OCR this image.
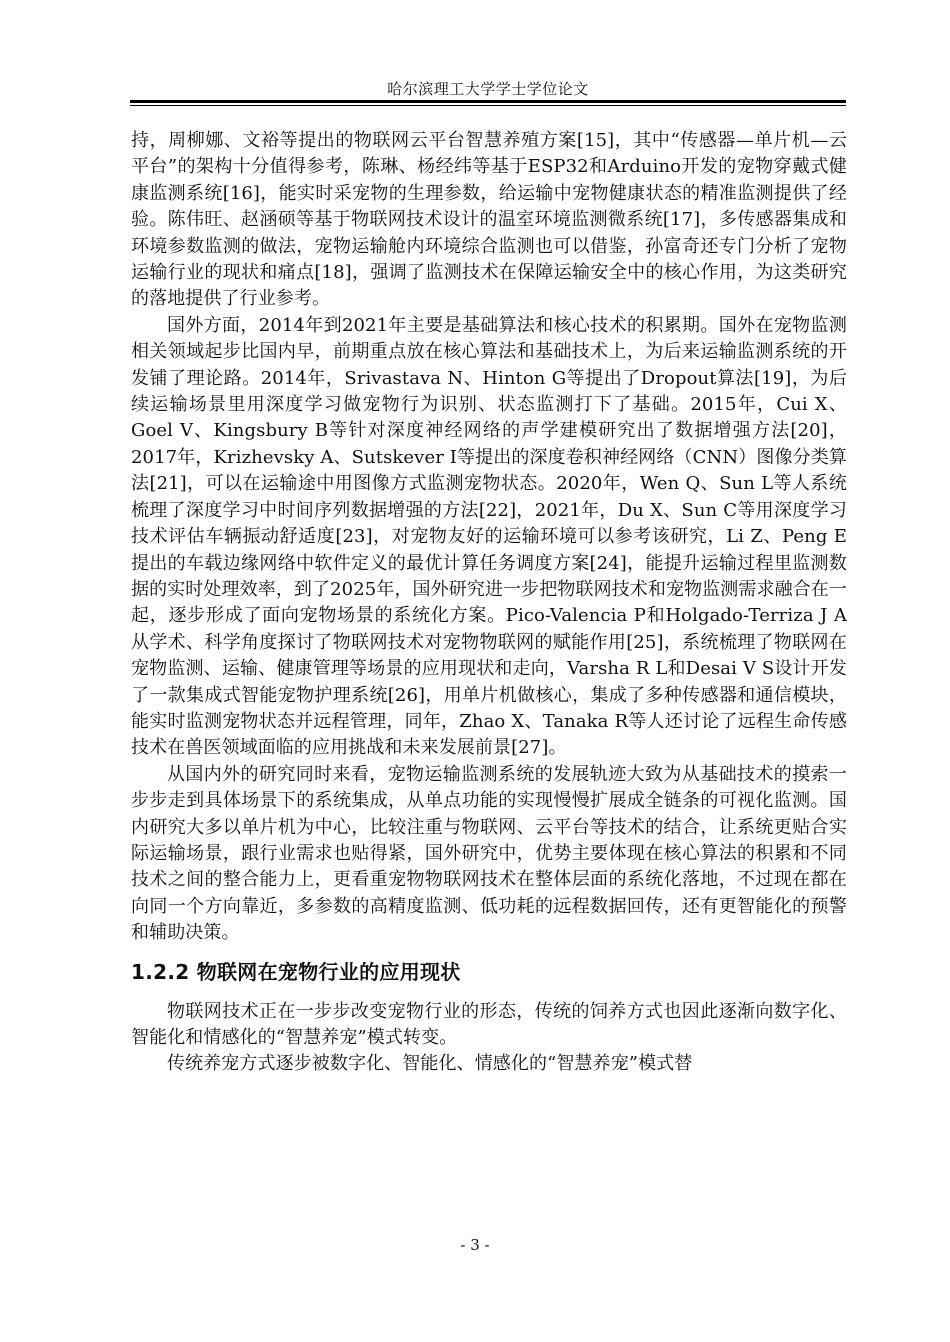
哈尔滨理工大学学士学位论文

持，周柳娜、文裕等提出的物联网云平台智慧养殖方案[15]，其中“传感器—单片机—云平台”的架构十分值得参考，陈琳、杨经纬等基于ESP32和Arduino开发的宠物穿戴式健康监测系统[16]，能实时采宠物的生理参数，给运输中宠物健康状态的精准监测提供了经验。陈伟旺、赵涵硕等基于物联网技术设计的温室环境监测微系统[17]，多传感器集成和环境参数监测的做法，宠物运输舱内环境综合监测也可以借鉴，孙富奇还专门分析了宠物运输行业的现状和痛点[18]，强调了监测技术在保障运输安全中的核心作用，为这类研究的落地提供了行业参考。

国外方面，2014年到2021年主要是基础算法和核心技术的积累期。国外在宠物监测相关领域起步比国内早，前期重点放在核心算法和基础技术上，为后来运输监测系统的开发铺了理论路。2014年，Srivastava N、Hinton G等提出了Dropout算法[19]，为后续运输场景里用深度学习做宠物行为识别、状态监测打下了基础。2015年，Cui X、Goel V、Kingsbury B等针对深度神经网络的声学建模研究出了数据增强方法[20]，2017年，Krizhevsky A、Sutskever I等提出的深度卷积神经网络（CNN）图像分类算法[21]，可以在运输途中用图像方式监测宠物状态。2020年，Wen Q、Sun L等人系统梳理了深度学习中时间序列数据增强的方法[22]，2021年，Du X、Sun C等用深度学习技术评估车辆振动舒适度[23]，对宠物友好的运输环境可以参考该研究，Li Z、Peng E提出的车载边缘网络中软件定义的最优计算任务调度方案[24]，能提升运输过程里监测数据的实时处理效率，到了2025年，国外研究进一步把物联网技术和宠物监测需求融合在一起，逐步形成了面向宠物场景的系统化方案。Pico-Valencia P和Holgado-Terriza J A从学术、科学角度探讨了物联网技术对宠物物联网的赋能作用[25]，系统梳理了物联网在宠物监测、运输、健康管理等场景的应用现状和走向，Varsha R L和Desai V S设计开发了一款集成式智能宠物护理系统[26]，用单片机做核心，集成了多种传感器和通信模块，能实时监测宠物状态并远程管理，同年，Zhao X、Tanaka R等人还讨论了远程生命传感技术在兽医领域面临的应用挑战和未来发展前景[27]。

从国内外的研究同时来看，宠物运输监测系统的发展轨迹大致为从基础技术的摸索一步步走到具体场景下的系统集成，从单点功能的实现慢慢扩展成全链条的可视化监测。国内研究大多以单片机为中心，比较注重与物联网、云平台等技术的结合，让系统更贴合实际运输场景，跟行业需求也贴得紧，国外研究中，优势主要体现在核心算法的积累和不同技术之间的整合能力上，更看重宠物物联网技术在整体层面的系统化落地，不过现在都在向同一个方向靠近，多参数的高精度监测、低功耗的远程数据回传，还有更智能化的预警和辅助决策。

1.2.2 物联网在宠物行业的应用现状

物联网技术正在一步步改变宠物行业的形态，传统的饲养方式也因此逐渐向数字化、智能化和情感化的“智慧养宠”模式转变。

传统养宠方式逐步被数字化、智能化、情感化的“智慧养宠”模式替

- 3 -
